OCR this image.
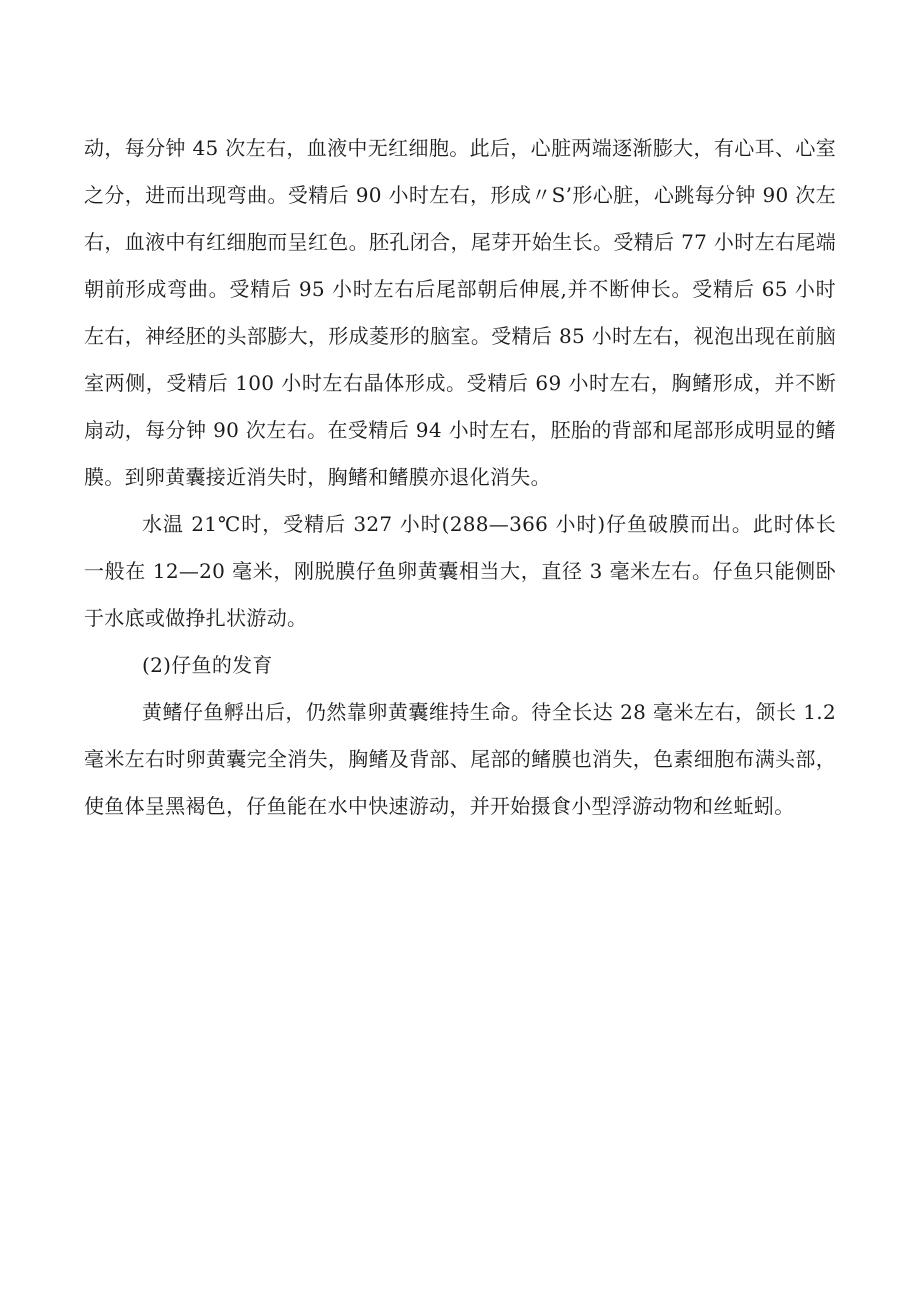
动，每分钟 45 次左右，血液中无红细胞。此后，心脏两端逐渐膨大，有心耳、心室之分，进而出现弯曲。受精后 90 小时左右，形成〃S’形心脏，心跳每分钟 90 次左右，血液中有红细胞而呈红色。胚孔闭合，尾芽开始生长。受精后 77 小时左右尾端朝前形成弯曲。受精后 95 小时左右后尾部朝后伸展,并不断伸长。受精后 65 小时左右，神经胚的头部膨大，形成菱形的脑室。受精后 85 小时左右，视泡出现在前脑室两侧，受精后 100 小时左右晶体形成。受精后 69 小时左右，胸鳍形成，并不断扇动，每分钟 90 次左右。在受精后 94 小时左右，胚胎的背部和尾部形成明显的鳍膜。到卵黄囊接近消失时，胸鳍和鳍膜亦退化消失。

水温 21℃时，受精后 327 小时(288—366 小时)仔鱼破膜而出。此时体长一般在 12—20 毫米，刚脱膜仔鱼卵黄囊相当大，直径 3 毫米左右。仔鱼只能侧卧于水底或做挣扎状游动。

(2)仔鱼的发育

黄鳍仔鱼孵出后，仍然靠卵黄囊维持生命。待全长达 28 毫米左右，颌长 1.2 毫米左右时卵黄囊完全消失，胸鳍及背部、尾部的鳍膜也消失，色素细胞布满头部，使鱼体呈黑褐色，仔鱼能在水中快速游动，并开始摄食小型浮游动物和丝蚯蚓。
